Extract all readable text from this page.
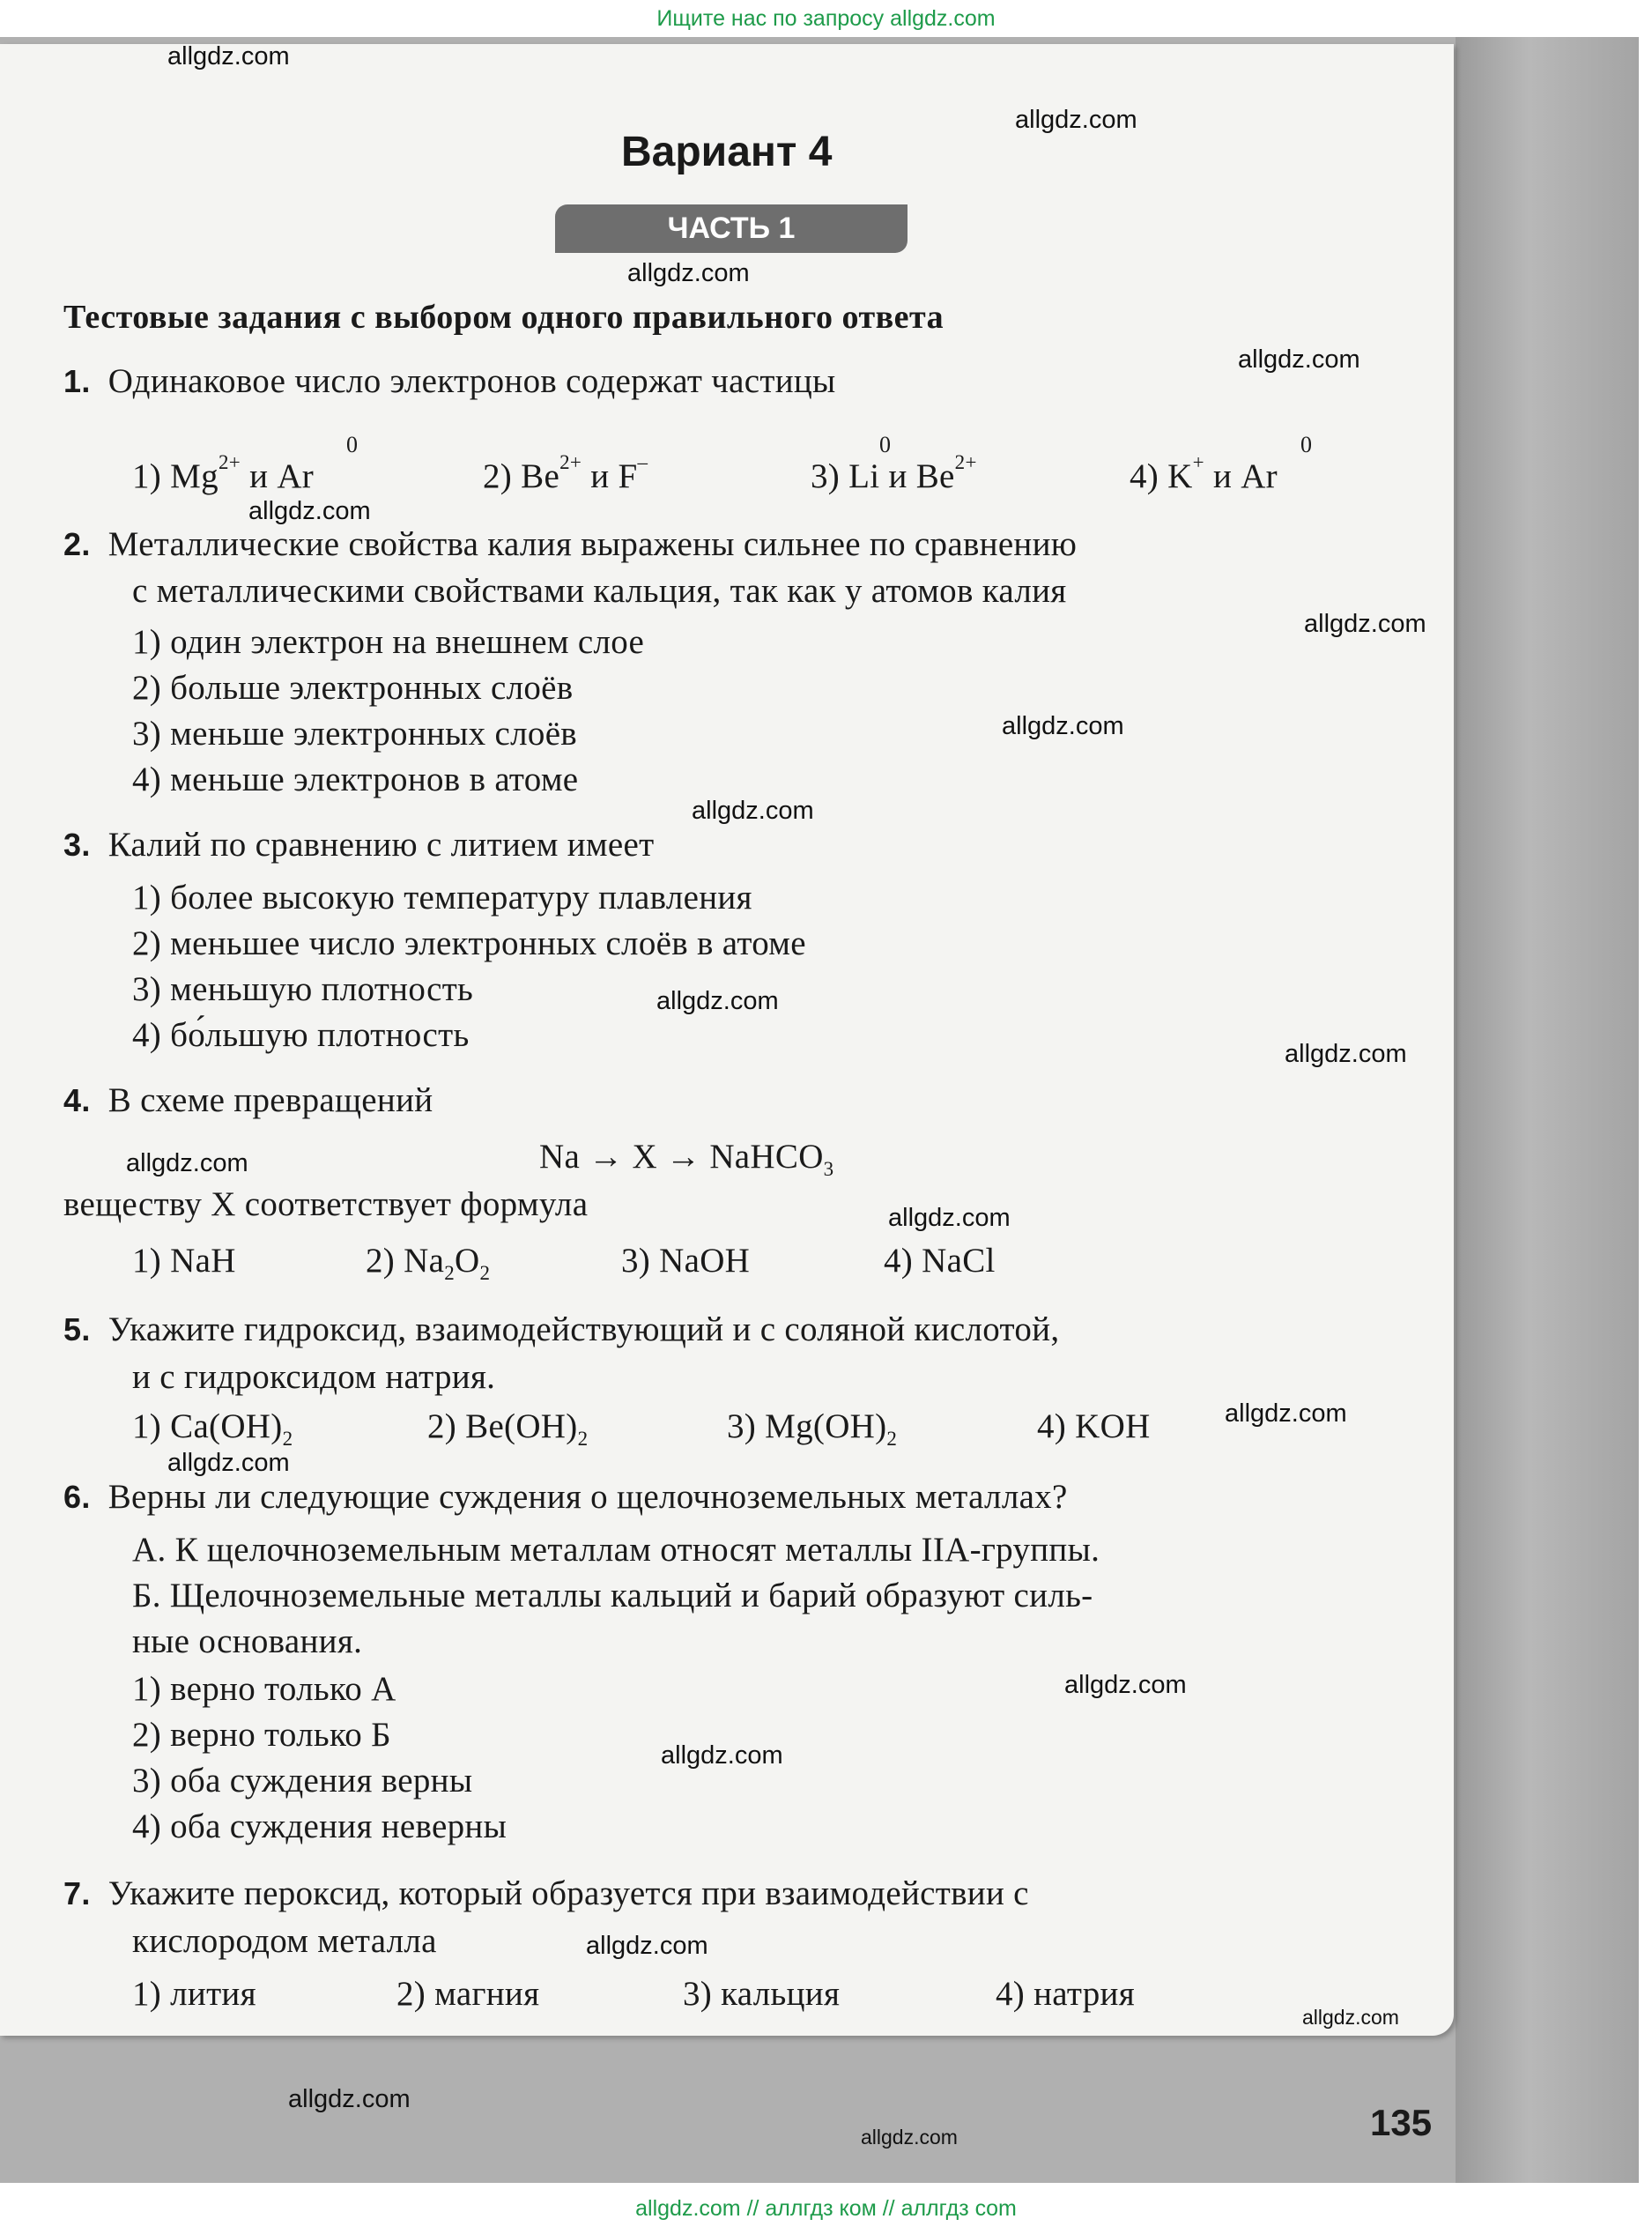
Ищите нас по запросу allgdz.com
Вариант 4
ЧАСТЬ 1
Тестовые задания с выбором одного правильного ответа
1. Одинаковое число электронов содержат частицы
0	0	0
1) $Mg^{2+}$ и Ar	2) $Be^{2+}$ и F–	3) Li и $Be^{2+}$	4) K+ и Ar
2. Металлические свойства калия выражены сильнее по сравнению
с металлическими свойствами кальция, так как у атомов калия
1) один электрон на внешнем слое
2) больше электронных слоёв
3) меньше электронных слоёв
4) меньше электронов в атоме
3. Калий по сравнению с литием имеет
1) более высокую температуру плавления
2) меньшее число электронных слоёв в атоме
3) меньшую плотность
4) бо́льшую плотность
4. В схеме превращений
Na → X → NaHCO$_3$
веществу X соответствует формула
1) NaH	2) $Na_2O_2$	3) NaOH	4) NaCl
5. Укажите гидроксид, взаимодействующий и с соляной кислотой,
и с гидроксидом натрия.
1) $Ca(OH)_2$	2) $Be(OH)_2$	3) $Mg(OH)_2$	4) KOH
6. Верны ли следующие суждения о щелочноземельных металлах?
А. К щелочноземельным металлам относят металлы IIA-группы.
Б. Щелочноземельные металлы кальций и барий образуют силь-
ные основания.
1) верно только А
2) верно только Б
3) оба суждения верны
4) оба суждения неверны
7. Укажите пероксид, который образуется при взаимодействии с
кислородом металла
1) лития	2) магния	3) кальция	4) натрия
135
allgdz.com
allgdz.com
allgdz.com
allgdz.com
allgdz.com
allgdz.com
allgdz.com
allgdz.com
allgdz.com
allgdz.com
allgdz.com
allgdz.com
allgdz.com
allgdz.com
allgdz.com
allgdz.com
allgdz.com
allgdz.com
allgdz.com
allgdz.com
allgdz.com // аллгдз ком // аллгдз com
